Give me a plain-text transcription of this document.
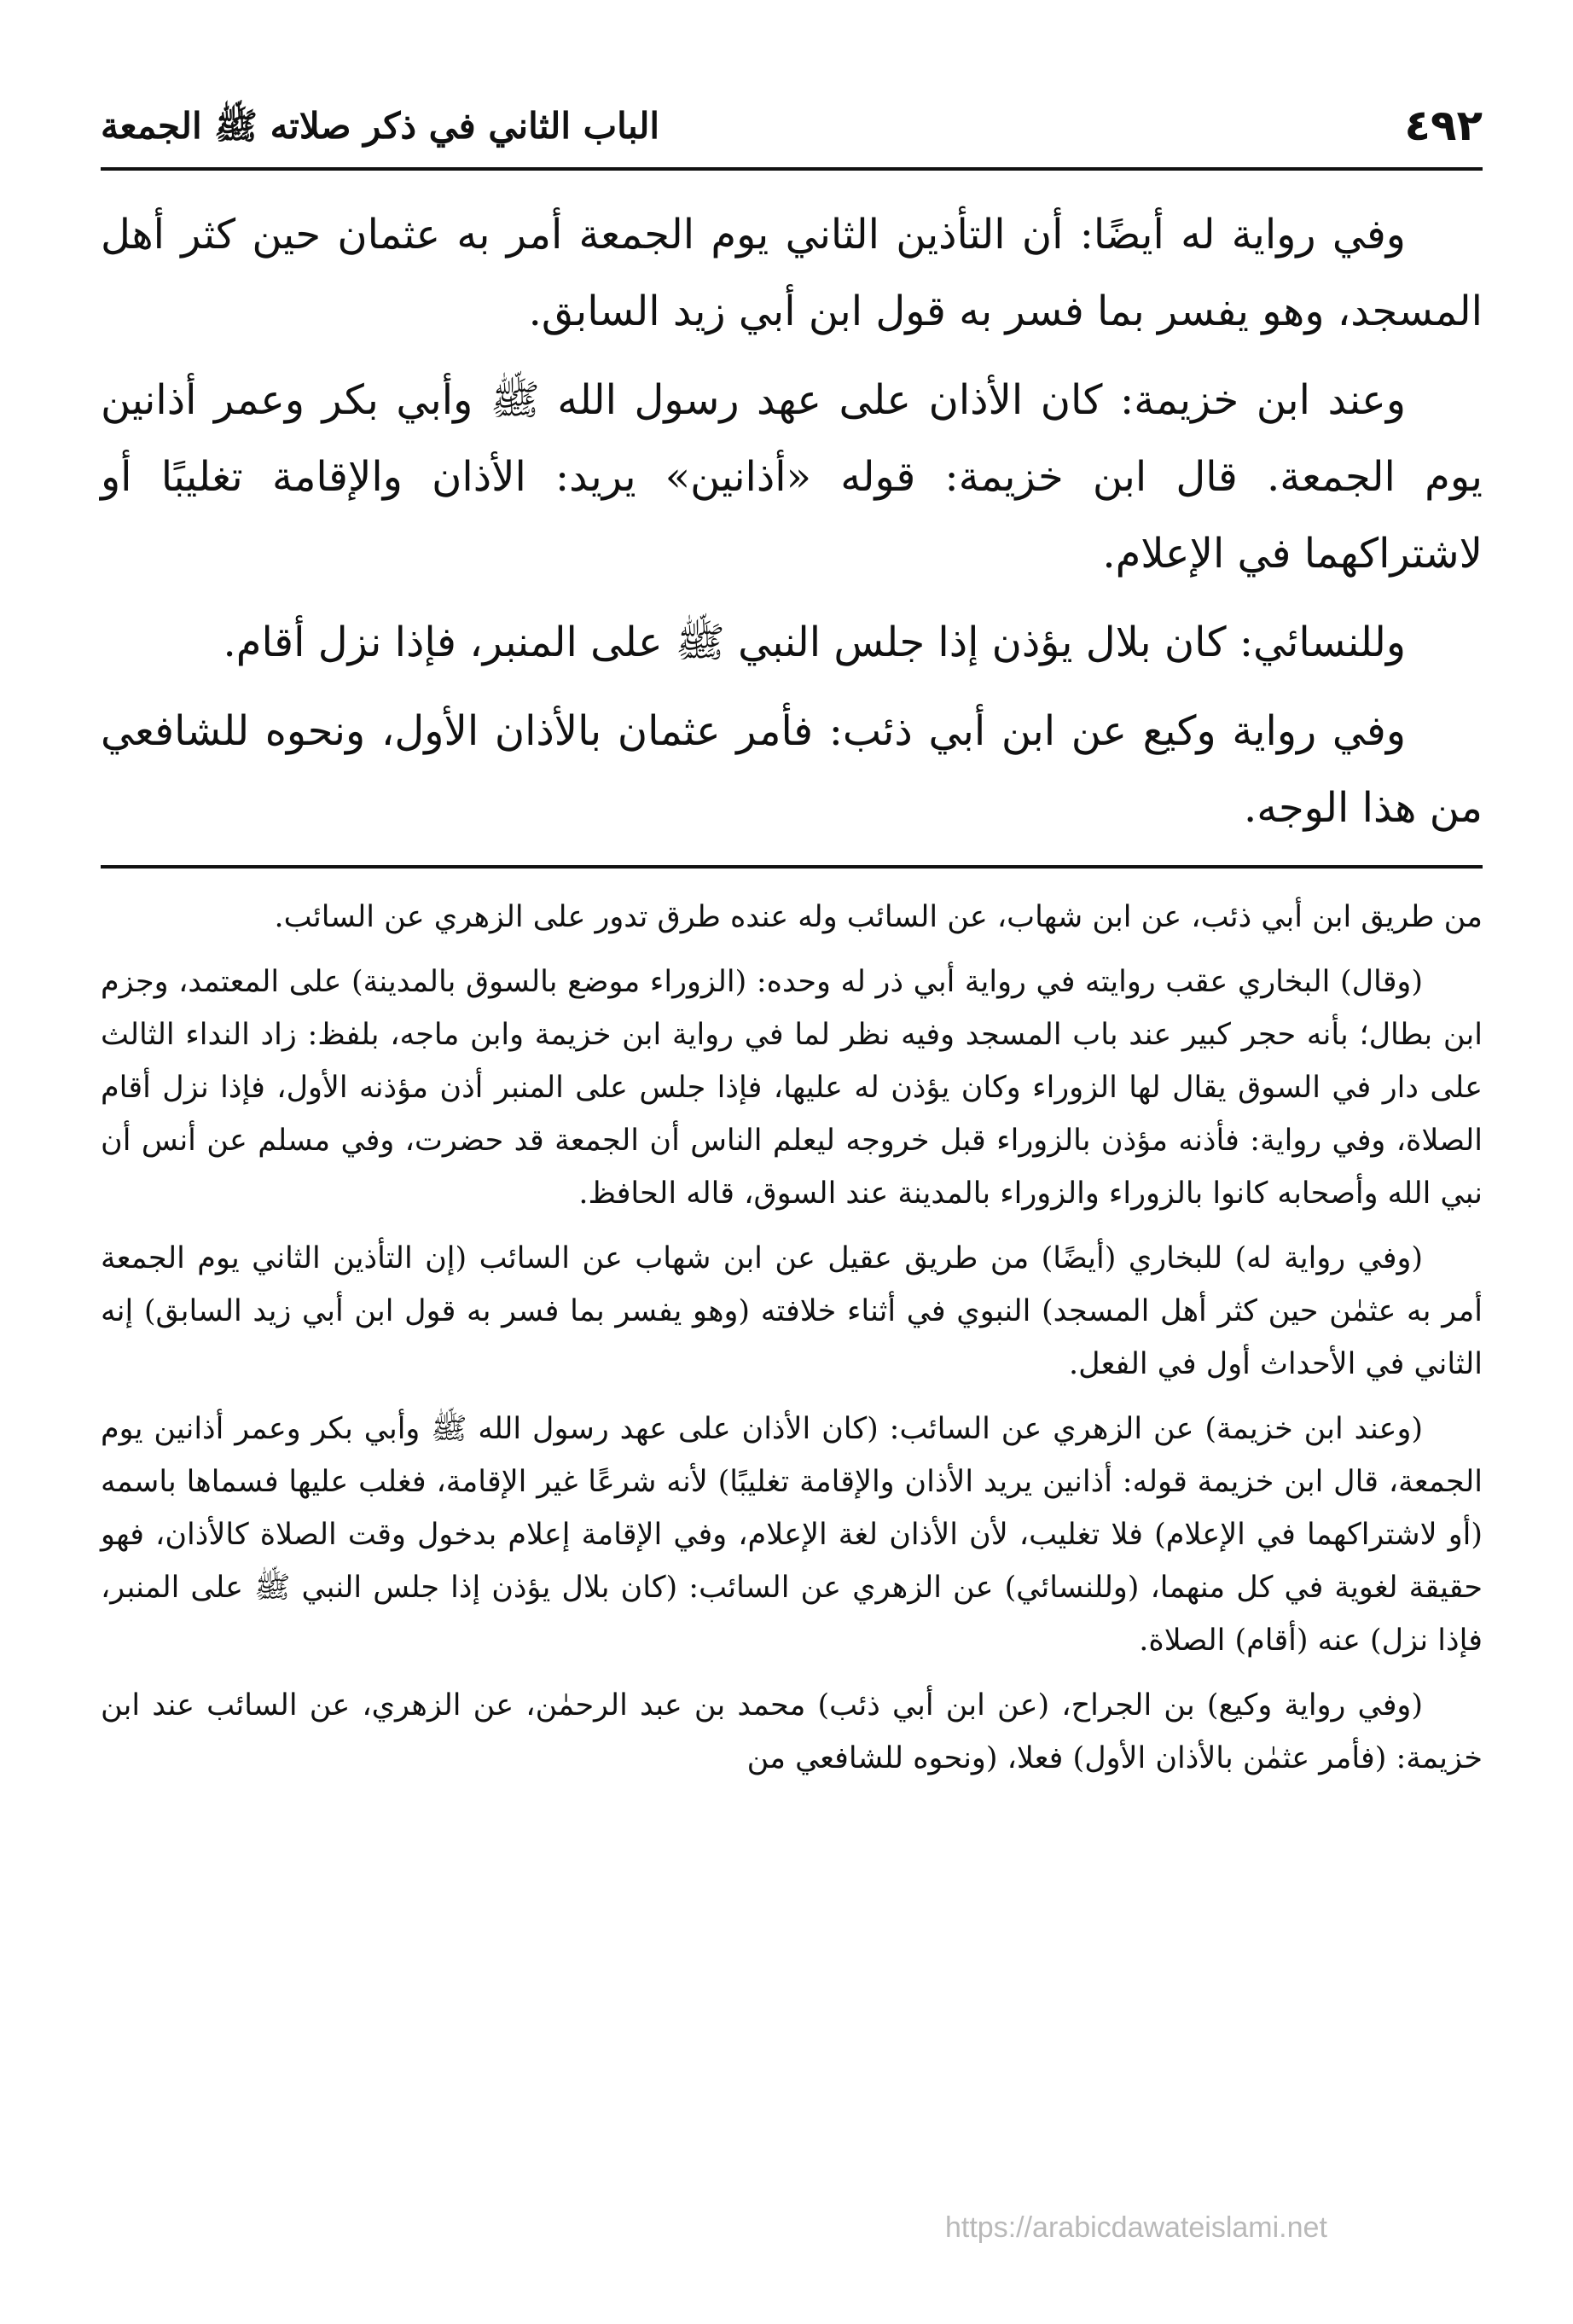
٤٩٢
الباب الثاني في ذكر صلاته ﷺ الجمعة

وفي رواية له أيضًا: أن التأذين الثاني يوم الجمعة أمر به عثمان حين كثر أهل المسجد، وهو يفسر بما فسر به قول ابن أبي زيد السابق.

وعند ابن خزيمة: كان الأذان على عهد رسول الله ﷺ وأبي بكر وعمر أذانين يوم الجمعة. قال ابن خزيمة: قوله «أذانين» يريد: الأذان والإقامة تغليبًا أو لاشتراكهما في الإعلام.

وللنسائي: كان بلال يؤذن إذا جلس النبي ﷺ على المنبر، فإذا نزل أقام.

وفي رواية وكيع عن ابن أبي ذئب: فأمر عثمان بالأذان الأول، ونحوه للشافعي من هذا الوجه.

من طريق ابن أبي ذئب، عن ابن شهاب، عن السائب وله عنده طرق تدور على الزهري عن السائب.

(وقال) البخاري عقب روايته في رواية أبي ذر له وحده: (الزوراء موضع بالسوق بالمدينة) على المعتمد، وجزم ابن بطال؛ بأنه حجر كبير عند باب المسجد وفيه نظر لما في رواية ابن خزيمة وابن ماجه، بلفظ: زاد النداء الثالث على دار في السوق يقال لها الزوراء وكان يؤذن له عليها، فإذا جلس على المنبر أذن مؤذنه الأول، فإذا نزل أقام الصلاة، وفي رواية: فأذنه مؤذن بالزوراء قبل خروجه ليعلم الناس أن الجمعة قد حضرت، وفي مسلم عن أنس أن نبي الله وأصحابه كانوا بالزوراء والزوراء بالمدينة عند السوق، قاله الحافظ.

(وفي رواية له) للبخاري (أيضًا) من طريق عقيل عن ابن شهاب عن السائب (إن التأذين الثاني يوم الجمعة أمر به عثمٰن حين كثر أهل المسجد) النبوي في أثناء خلافته (وهو يفسر بما فسر به قول ابن أبي زيد السابق) إنه الثاني في الأحداث أول في الفعل.

(وعند ابن خزيمة) عن الزهري عن السائب: (كان الأذان على عهد رسول الله ﷺ وأبي بكر وعمر أذانين يوم الجمعة، قال ابن خزيمة قوله: أذانين يريد الأذان والإقامة تغليبًا) لأنه شرعًا غير الإقامة، فغلب عليها فسماها باسمه (أو لاشتراكهما في الإعلام) فلا تغليب، لأن الأذان لغة الإعلام، وفي الإقامة إعلام بدخول وقت الصلاة كالأذان، فهو حقيقة لغوية في كل منهما، (وللنسائي) عن الزهري عن السائب: (كان بلال يؤذن إذا جلس النبي ﷺ على المنبر، فإذا نزل) عنه (أقام) الصلاة.

(وفي رواية وكيع) بن الجراح، (عن ابن أبي ذئب) محمد بن عبد الرحمٰن، عن الزهري، عن السائب عند ابن خزيمة: (فأمر عثمٰن بالأذان الأول) فعلا، (ونحوه للشافعي من

https://arabicdawateislami.net
